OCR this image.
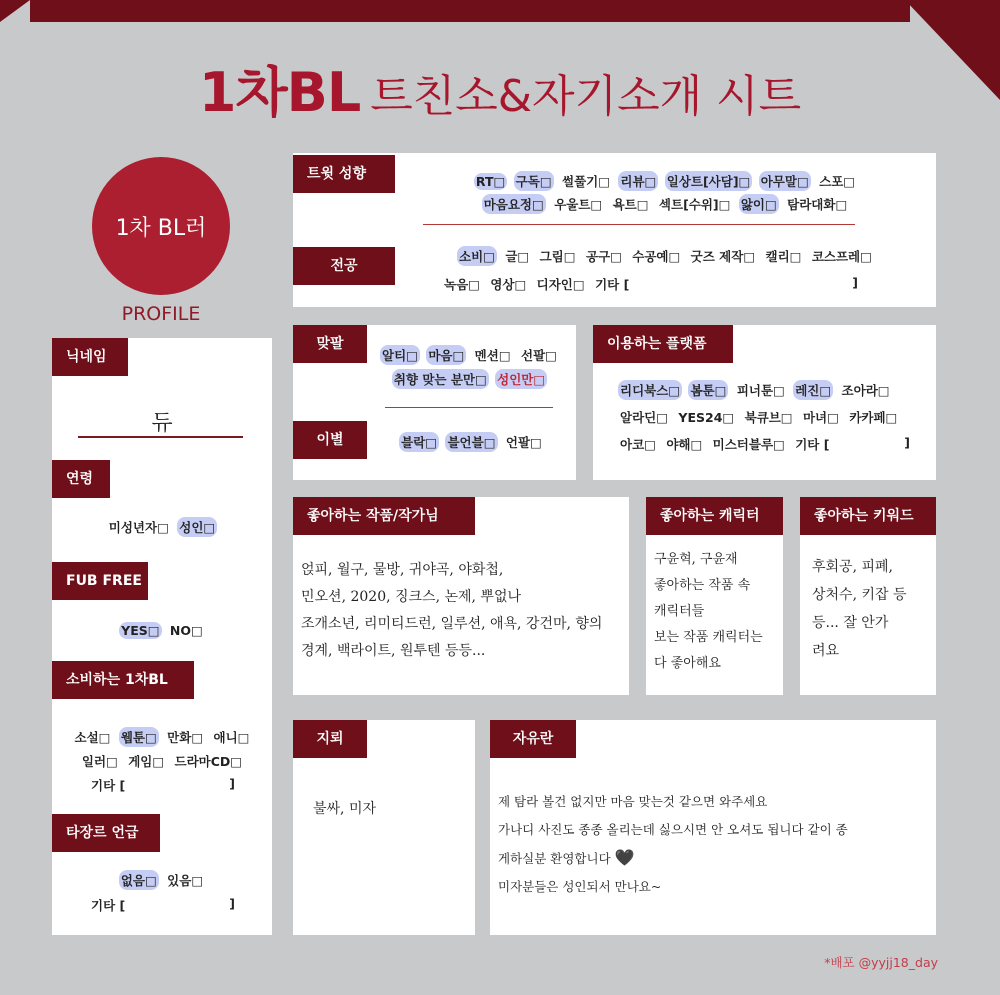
1차BL 트친소&자기소개 시트
1차 BL러
PROFILE
닉네임
듀
연령
미성년자□ 성인□
FUB FREE
YES□ NO□
소비하는 1차BL
소설□ 웹툰□ 만화□ 애니□
일러□ 게임□ 드라마CD□
기타 [	]
타장르 언급
없음□ 있음□
기타 [	]
트윗 성향	RT□ 구독□ 썰풀기□ 리뷰□ 일상트[사담]□ 아무말□ 스포□
마음요정□ 우울트□ 욕트□ 섹트[수위]□ 앓이□ 탐라대화□
전공
소비□ 글□ 그림□ 공구□ 수공예□ 굿즈 제작□ 캘리□ 코스프레□
녹음□ 영상□ 디자인□ 기타 [	]
맞팔
알티□ 마음□ 멘션□ 선팔□
취향 맞는 분만□ 성인만□
이별	블락□ 블언블□ 언팔□
이용하는 플랫폼
리디북스□ 봄툰□ 피너툰□ 레진□ 조아라□
알라딘□ YES24□ 북큐브□ 마녀□ 카카페□
아코□ 야해□ 미스터블루□ 기타 [	]
좋아하는 작품/작가님
얹피, 월구, 물방, 귀야곡, 야화첩,
민오션, 2020, 징크스, 논제, 뿌없나
조개소년, 리미티드런, 일루션, 애욕, 강건마, 향의
경계, 백라이트, 원투텐 등등...
좋아하는 캐릭터
구윤혁, 구윤재
좋아하는 작품 속
캐릭터들
보는 작품 캐릭터는
다 좋아해요
좋아하는 키워드
후회공, 피폐,
상처수, 키잡 등
등... 잘 안가
려요
지뢰
불싸, 미자
자유란
제 탐라 볼건 없지만 마음 맞는것 같으면 와주세요
가나디 사진도 종종 올리는데 싫으시면 안 오셔도 됩니다 같이 종
게하실분 환영합니다 🖤
미자분들은 성인되서 만나요~
*배포 @yyjj18_day
